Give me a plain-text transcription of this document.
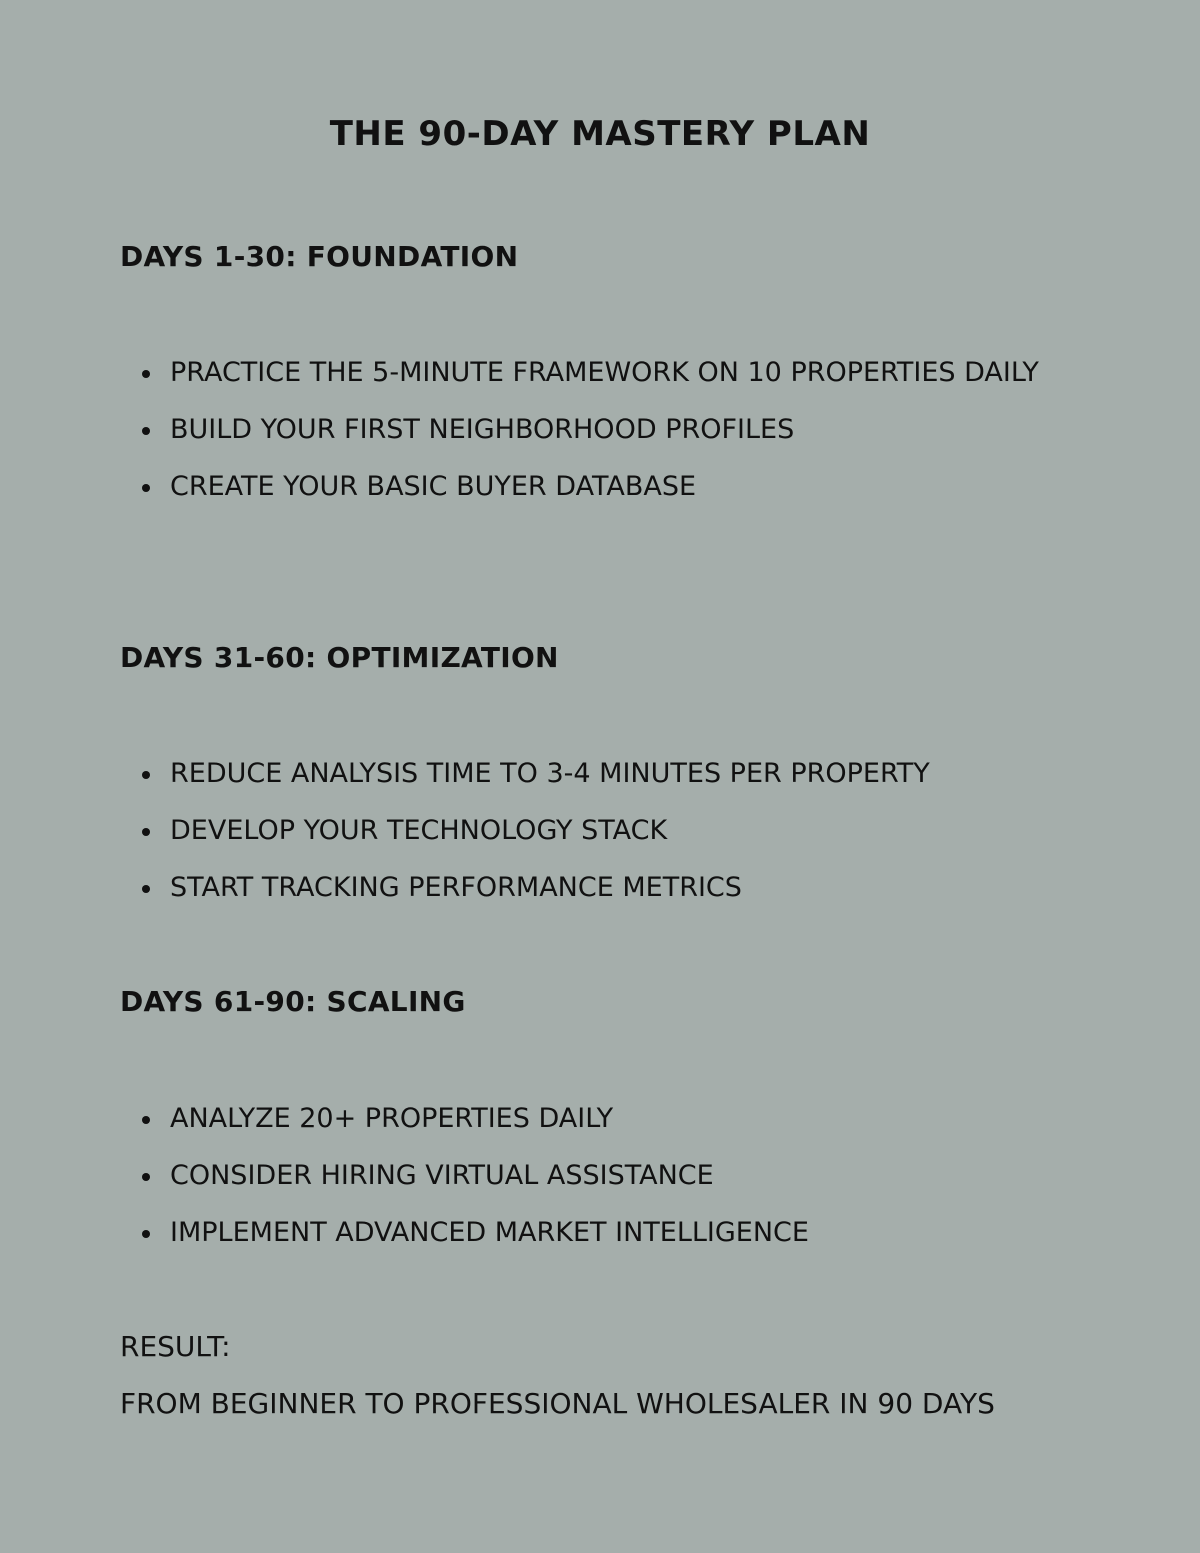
THE 90-DAY MASTERY PLAN
DAYS 1-30: FOUNDATION
PRACTICE THE 5-MINUTE FRAMEWORK ON 10 PROPERTIES DAILY
BUILD YOUR FIRST NEIGHBORHOOD PROFILES
CREATE YOUR BASIC BUYER DATABASE
DAYS 31-60: OPTIMIZATION
REDUCE ANALYSIS TIME TO 3-4 MINUTES PER PROPERTY
DEVELOP YOUR TECHNOLOGY STACK
START TRACKING PERFORMANCE METRICS
DAYS 61-90: SCALING
ANALYZE 20+ PROPERTIES DAILY
CONSIDER HIRING VIRTUAL ASSISTANCE
IMPLEMENT ADVANCED MARKET INTELLIGENCE

RESULT:

FROM BEGINNER TO PROFESSIONAL WHOLESALER IN 90 DAYS
